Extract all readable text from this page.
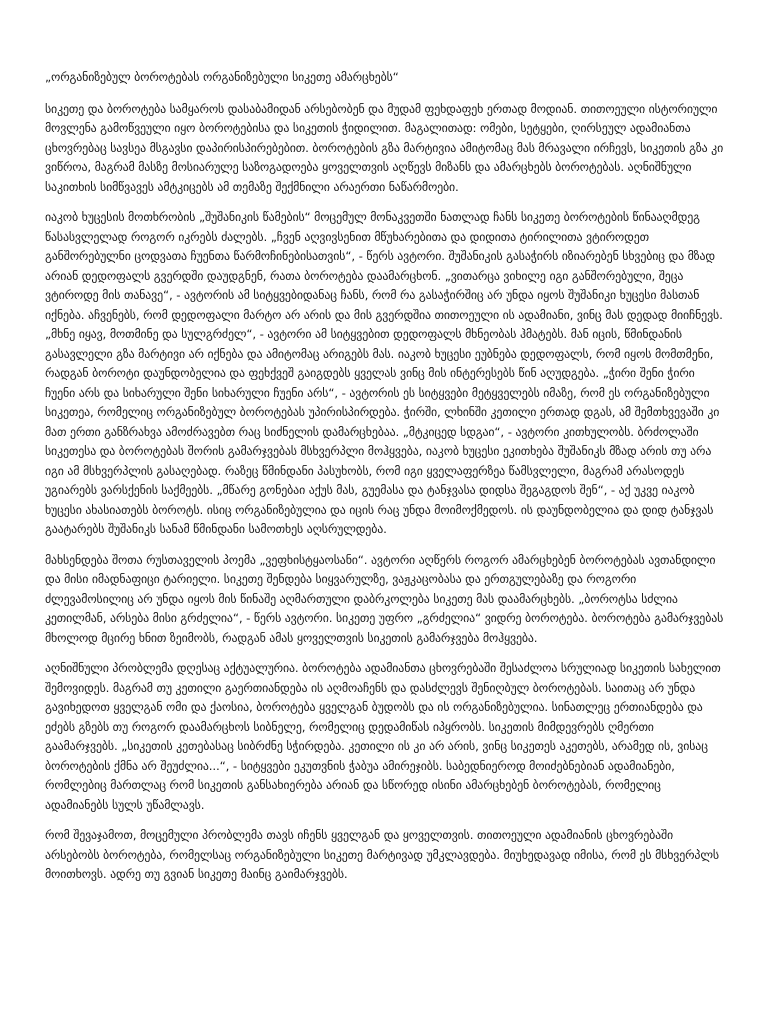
„ორგანიზებულ ბოროტებას ორგანიზებული სიკეთე ამარცხებს“

სიკეთე და ბოროტება სამყაროს დასაბამიდან არსებობენ და მუდამ ფეხდაფეხ ერთად მოდიან. თითოეული ისტორიული მოვლენა გამოწვეული იყო ბოროტებისა და სიკეთის ჭიდილით. მაგალითად: ომები, სეტყები, ღირსეულ ადამიანთა ცხოვრებაც სავსეა მსგავსი დაპირისპირებებით. ბოროტების გზა მარტივია ამიტომაც მას მრავალი ირჩევს, სიკეთის გზა კი ვიწროა, მაგრამ მასზე მოსიარულე საზოგადოება ყოველთვის აღწევს მიზანს და ამარცხებს ბოროტებას. აღნიშნული საკითხის სიმწვავეს ამტკიცებს ამ თემაზე შექმნილი არაერთი ნაწარმოები.

იაკობ ხუცესის მოთხრობის „შუშანიკის წამების“ მოცემულ მონაკვეთში ნათლად ჩანს სიკეთე ბოროტების წინააღმდეგ წასასვლელად როგორ იკრებს ძალებს. „ჩვენ აღვივსენით მწუხარებითა და დიდითა ტირილითა ვტიროდეთ განშორებულნი ცოდვათა ჩუენთა წარმოჩინებისათვის“, - წერს ავტორი. შუშანიკის გასაჭირს იზიარებენ სხვებიც და მზად არიან დედოფალს გვერდში დაუდგნენ, რათა ბოროტება დაამარცხონ. „ვითარცა ვიხილე იგი განშორებული, შეცა ვტიროდე მის თანავე“, - ავტორის ამ სიტყვებიდანაც ჩანს, რომ რა გასაჭირშიც არ უნდა იყოს შუშანიკი ხუცესი მასთან იქნება. აჩვენებს, რომ დედოფალი მარტო არ არის და მის გვერდშია თითოეული ის ადამიანი, ვინც მას დედად მიიჩნევს. „მხნე იყავ, მოთმინე და სულგრძელ“, - ავტორი ამ სიტყვებით დედოფალს მხნეობას ჰმატებს. მან იცის, წმინდანის გასავლელი გზა მარტივი არ იქნება და ამიტომაც არიგებს მას. იაკობ ხუცესი ეუბნება დედოფალს, რომ იყოს მომთმენი, რადგან ბოროტი დაუნდობელია და ფეხქვეშ გაიგდებს ყველას ვინც მის ინტერესებს წინ აღუდგება. „ჭირი შენი ჭირი ჩუენი არს და სიხარული შენი სიხარული ჩუენი არს“, - ავტორის ეს სიტყვები მეტყველებს იმაზე, რომ ეს ორგანიზებული სიკეთეა, რომელიც ორგანიზებულ ბოროტებას უპირისპირდება. ჭირში, ლხინში კეთილი ერთად დგას, ამ შემთხვევაში კი მათ ერთი განზრახვა ამოძრავებთ რაც სიძნელის დამარცხებაა. „მტკიცედ სდგაი“, - ავტორი კითხულობს. ბრძოლაში სიკეთესა და ბოროტებას შორის გამარჯვებას მსხვერპლი მოჰყვება, იაკობ ხუცესი ეკითხება შუშანიკს მზად არის თუ არა იგი ამ მსხვერპლის გასაღებად. რაზეც წმინდანი პასუხობს, რომ იგი ყველაფერზეა წამსვლელი, მაგრამ არასოდეს უგიარებს ვარსქენის საქმეებს. „მწარე გონებაი აქუს მას, გუემასა და ტანჯვასა დიდსა შეგაგდოს შენ“, - აქ უკვე იაკობ ხუცესი ახასიათებს ბოროტს. ისიც ორგანიზებულია და იცის რაც უნდა მოიმოქმედოს. ის დაუნდობელია და დიდ ტანჯვას გაატარებს შუშანიკს სანამ წმინდანი სამოთხეს აღსრულდება.

მახსენდება შოთა რუსთაველის პოემა „ვეფხისტყაოსანი“. ავტორი აღწერს როგორ ამარცხებენ ბოროტებას ავთანდილი და მისი იმადნაფიცი ტარიელი. სიკეთე შენდება სიყვარულზე, ვაჟკაცობასა და ერთგულებაზე და როგორი ძლევამოსილიც არ უნდა იყოს მის წინაშე აღმართული დაბრკოლება სიკეთე მას დაამარცხებს. „ბოროტსა სძლია კეთილმან, არსება მისი გრძელია“, - წერს ავტორი. სიკეთე უფრო „გრძელია“ ვიდრე ბოროტება. ბოროტება გამარჯვებას მხოლოდ მცირე ხნით ზეიმობს, რადგან ამას ყოველთვის სიკეთის გამარჯვება მოჰყვება.

აღნიშნული პრობლემა დღესაც აქტუალურია. ბოროტება ადამიანთა ცხოვრებაში შესაძლოა სრულიად სიკეთის სახელით შემოვიდეს. მაგრამ თუ კეთილი გაერთიანდება ის აღმოაჩენს და დასძლევს შენიღბულ ბოროტებას. საითაც არ უნდა გავიხედოთ ყველგან ომი და ქაოსია, ბოროტება ყველგან ბუდობს და ის ორგანიზებულია. სინათლეც ერთიანდება და ეძებს გზებს თუ როგორ დაამარცხოს სიბნელე, რომელიც დედამიწას იპყრობს. სიკეთის მიმდევრებს ღმერთი გაამარჯვებს. „სიკეთის კეთებასაც სიბრძნე სჭირდება. კეთილი ის კი არ არის, ვინც სიკეთეს აკეთებს, არამედ ის, ვისაც ბოროტების ქმნა არ შეუძლია...“, - სიტყვები ეკუთვნის ჭაბუა ამირეჯიბს. საბედნიეროდ მოიძებნებიან ადამიანები, რომლებიც მართლაც რომ სიკეთის განსახიერება არიან და სწორედ ისინი ამარცხებენ ბოროტებას, რომელიც ადამიანებს სულს უწამლავს.

რომ შევაჯამოთ, მოცემული პრობლემა თავს იჩენს ყველგან და ყოველთვის. თითოეული ადამიანის ცხოვრებაში არსებობს ბოროტება, რომელსაც ორგანიზებული სიკეთე მარტივად უმკლავდება. მიუხედავად იმისა, რომ ეს მსხვერპლს მოითხოვს. ადრე თუ გვიან სიკეთე მაინც გაიმარჯვებს.
